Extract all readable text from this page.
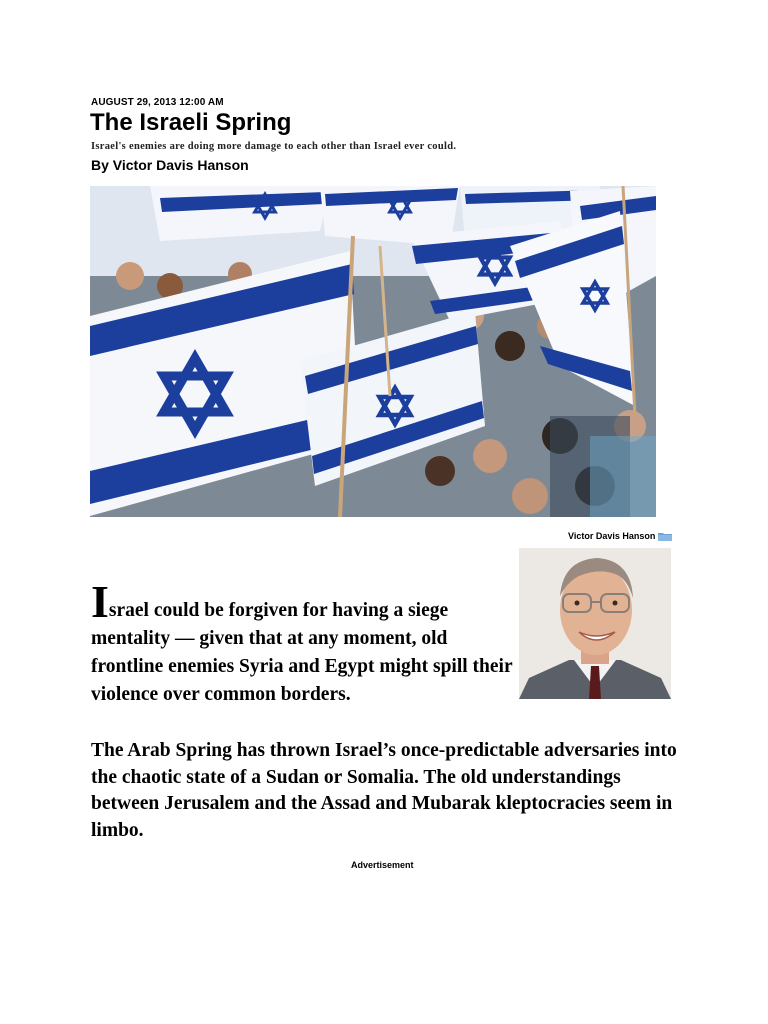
AUGUST 29, 2013 12:00 AM
The Israeli Spring
Israel's enemies are doing more damage to each other than Israel ever could.
By Victor Davis Hanson
Victor Davis Hanson

Israel could be forgiven for having a siege mentality — given that at any moment, old frontline enemies Syria and Egypt might spill their violence over common borders.

The Arab Spring has thrown Israel’s once-predictable adversaries into the chaotic state of a Sudan or Somalia. The old understandings between Jerusalem and the Assad and Mubarak kleptocracies seem in limbo.

Advertisement
